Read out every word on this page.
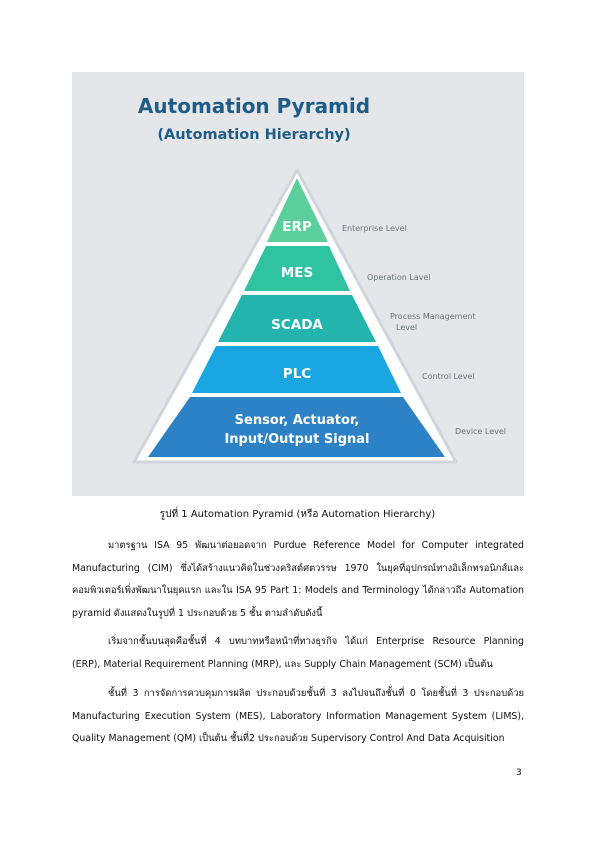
Automation Pyramid
(Automation Hierarchy)
ERP
MES
SCADA
PLC
Sensor, Actuator,
Input/Output Signal
Enterprise Level
Operation Lavel
Process Management
Level
Control Level
Device Level
รูปที่ 1 Automation Pyramid (หรือ Automation Hierarchy)

มาตรฐาน ISA 95 พัฒนาต่อยอดจาก Purdue Reference Model for Computer integrated Manufacturing (CIM) ซึ่งได้สร้างแนวคิดในช่วงคริสต์ศตวรรษ 1970 ในยุคที่อุปกรณ์ทางอิเล็กทรอนิกส์และคอมพิวเตอร์เพิ่งพัฒนาในยุคแรก และใน ISA 95 Part 1: Models and Terminology ได้กล่าวถึง Automation pyramid ดังแสดงในรูปที่ 1 ประกอบด้วย 5 ชั้น ตามลำดับดังนี้

เริ่มจากชั้นบนสุดคือชั้นที่ 4 บทบาทหรือหน้าที่ทางธุรกิจ ได้แก่ Enterprise Resource Planning (ERP), Material Requirement Planning (MRP), และ Supply Chain Management (SCM) เป็นต้น

ชั้นที่ 3 การจัดการควบคุมการผลิต ประกอบด้วยชั้นที่ 3 ลงไปจนถึงชั้นที่ 0 โดยชั้นที่ 3 ประกอบด้วย Manufacturing Execution System (MES), Laboratory Information Management System (LIMS), Quality Management (QM) เป็นต้น ชั้นที่2 ประกอบด้วย Supervisory Control And Data Acquisition

3
